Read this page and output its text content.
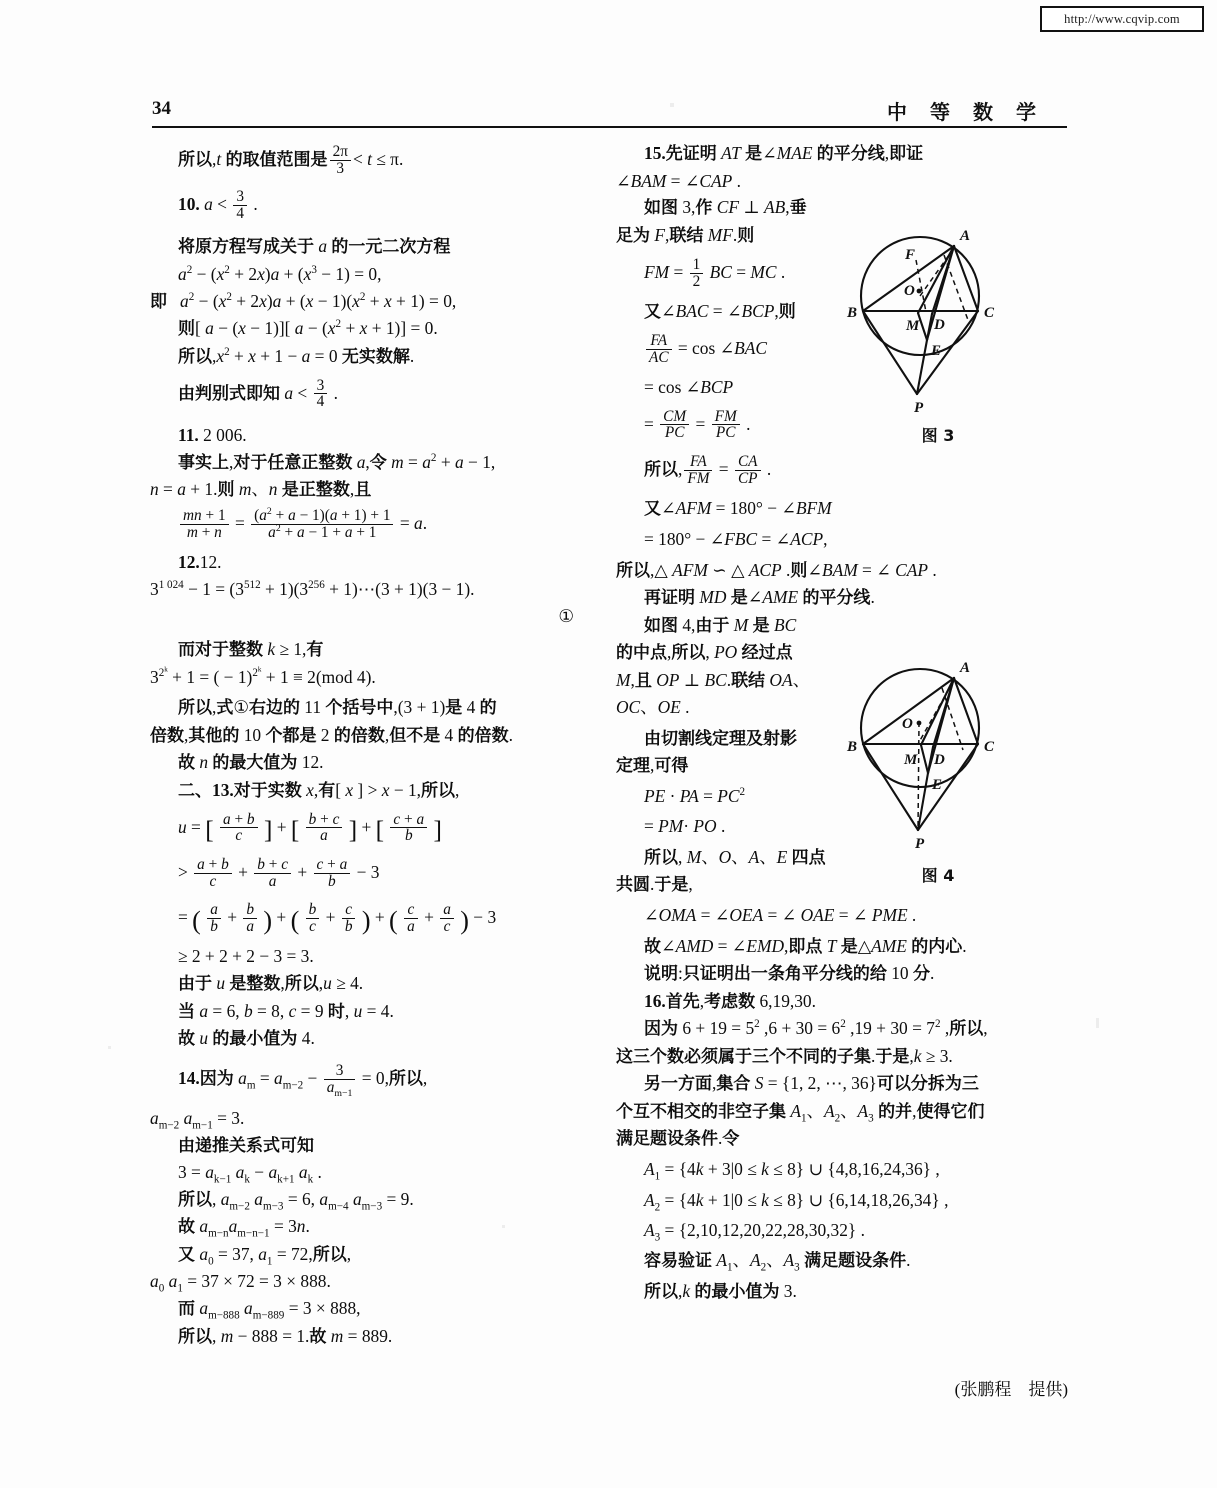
http://www.cqvip.com
34	中 等 数 学

所以,t 的取值范围是 $\frac{2\pi}{3} < t \le \pi$.

10. $a < \frac{3}{4}$ .

将原方程写成关于 a 的一元二次方程

$a^2 - (x^2 + 2x)a + (x^3 - 1) = 0$,

即 $a^2 - (x^2 + 2x)a + (x - 1)(x^2 + x + 1) = 0$,

则[ a − (x − 1)][ $a - (x^2 + x + 1)] = 0$.

所以$,x^2 + x + 1 - a = 0$ 无实数解.

由判别式即知 $a < \frac{3}{4}$ .

11. 2 006.

事实上,对于任意正整数 a,令 $m = a^2 + a - 1$,

n = a + 1.则 m、n 是正整数,且

$\frac{mn + 1}{m + n} = \frac{(a^2 + a - 1)(a + 1) + 1}{a^2 + a - 1 + a + 1} = a$.

12.12.

$3^{1 024} - 1 = (3^{512} + 1)(3^{256}$ + 1)⋯(3 + 1)(3 − 1).

①

而对于整数 k ≥ 1,有

$3^{2^k} + 1$ = ( − 1)$^{2^k}$ + 1 ≡ 2(mod 4).

所以,式①右边的 11 个括号中,(3 + 1)是 4 的

倍数,其他的 10 个都是 2 的倍数,但不是 4 的倍数.

故 n 的最大值为 12.

二、13.对于实数 x,有[ x ] > x − 1,所以,

u = [ $\frac{a + b}{c}$ ] + [ $\frac{b + c}{a}$ ] + [ $\frac{c + a}{b}$ ]

> $\frac{a + b}{c} + \frac{b + c}{a} + \frac{c + a}{b} - 3$

= ( $\frac{a}{b} + \frac{b}{a}$ ) + ( $\frac{b}{c} + \frac{c}{b}$ ) + ( $\frac{c}{a} + \frac{a}{c}$ ) − 3

≥ 2 + 2 + 2 − 3 = 3.

由于 u 是整数,所以,u ≥ 4.

当 a = 6, b = 8, c = 9 时, u = 4.

故 u 的最小值为 4.

14.因为 $a_m = a_{m-2} - \frac{3}{a_{m-1}} = 0$,所以,

$a_{m-2}$ $a_{m-1} = 3$.

由递推关系式可知

$3 = a_{k-1}$ $a_k - a_{k+1}$ $a_k$ .

所以, $a_{m-2}$ $a_{m-3} = 6$, $a_{m-4}$ $a_{m-3} = 9$.

故 $a_{m-n}a_{m-n-1} = 3n$.

又 $a_0 = 37$, $a_1 = 72$,所以,

$a_0$ $a_1 = 37 \times 72 = 3 \times 888$.

而 $a_{m-888}$ $a_{m-889} = 3 \times 888$,

所以, m − 888 = 1.故 m = 889.

15.先证明 AT 是∠MAE 的平分线,即证

∠BAM = ∠CAP .

如图 3,作 CF ⊥ AB,垂

足为 F,联结 MF.则

FM = $\frac{1}{2}$ BC = MC .

又∠BAC = ∠BCP,则

$\frac{FA}{AC} = \cos$ ∠BAC

= cos ∠BCP

= $\frac{CM}{PC} = \frac{FM}{PC}$ .

所以, $\frac{FA}{FM} = \frac{CA}{CP}$ .

又∠AFM = 180° − ∠BFM

= 180° − ∠FBC = ∠ACP,

所以,△ AFM ∽ △ ACP .则∠BAM = ∠ CAP .

再证明 MD 是∠AME 的平分线.

如图 4,由于 M 是 BC

的中点,所以, PO 经过点

M,且 OP ⊥ BC.联结 OA、

OC、OE .

由切割线定理及射影

定理,可得

PE · PA = $PC^2$

= PM· PO .

所以, M、O、A、E 四点

共圆.于是,

∠OMA = ∠OEA = ∠ OAE = ∠ PME .

故∠AMD = ∠EMD,即点 T 是△AME 的内心.

说明:只证明出一条角平分线的给 10 分.

16.首先,考虑数 6,19,30.

因为 $6 + 19 = 5^2$ $,6 + 30 = 6^2$ $,19 + 30 = 7^2$ ,所以,

这三个数必须属于三个不同的子集.于是,k ≥ 3.

另一方面,集合 S = {1, 2, ⋯, 36}可以分拆为三

个互不相交的非空子集 $A_1$、$A_2$、$A_3$ 的并,使得它们

满足题设条件.令

$A_1 = \{4k + 3|0 \le k \le 8\}$ ∪ {4,8,16,24,36} ,

$A_2 = \{4k + 1|0 \le k \le 8\}$ ∪ {6,14,18,26,34} ,

$A_3 = \{2,10,12,20,22,28,30,32\}$ .

容易验证 $A_1$、$A_2$、$A_3$ 满足题设条件.

所以,k 的最小值为 3.

(张鹏程　提供)
A
F
O
B
M D
C
E
P
图 3
A
O
B
M D
C
E
P
图 4
